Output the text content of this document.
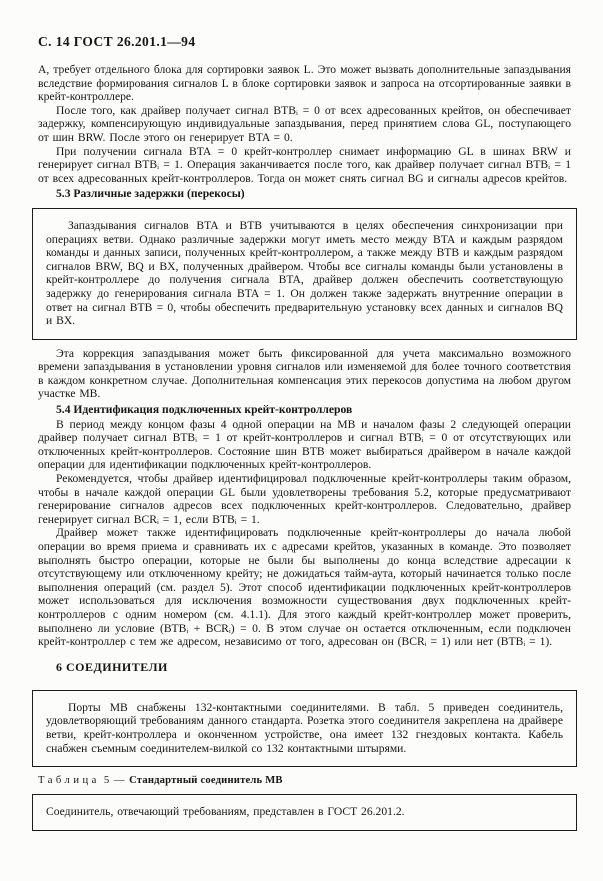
С. 14 ГОСТ 26.201.1—94

А, требует отдельного блока для сортировки заявок L. Это может вызвать дополнительные запаздывания вследствие формирования сигналов L в блоке сортировки заявок и запроса на отсортированные заявки в крейт-контроллере.

После того, как драйвер получает сигнал BTBᵢ = 0 от всех адресованных крейтов, он обеспечивает задержку, компенсирующую индивидуальные запаздывания, перед принятием слова GL, поступающего от шин BRW. После этого он генерирует BTA = 0.

При получении сигнала BTA = 0 крейт-контроллер снимает информацию GL в шинах BRW и генерирует сигнал BTBᵢ = 1. Операция заканчивается после того, как драйвер получает сигнал BTBᵢ = 1 от всех адресованных крейт-контроллеров. Тогда он может снять сигнал BG и сигналы адресов крейтов.

5.3 Различные задержки (перекосы)

Запаздывания сигналов BTA и BTB учитываются в целях обеспечения синхронизации при операциях ветви. Однако различные задержки могут иметь место между BTA и каждым разрядом команды и данных записи, полученных крейт-контроллером, а также между BTB и каждым разрядом сигналов BRW, BQ и BX, полученных драйвером. Чтобы все сигналы команды были установлены в крейт-контроллере до получения сигнала BTA, драйвер должен обеспечить соответствующую задержку до генерирования сигнала BTA = 1. Он должен также задержать внутренние операции в ответ на сигнал BTB = 0, чтобы обеспечить предварительную установку всех данных и сигналов BQ и BX.

Эта коррекция запаздывания может быть фиксированной для учета максимально возможного времени запаздывания в установлении уровня сигналов или изменяемой для более точного соответствия в каждом конкретном случае. Дополнительная компенсация этих перекосов допустима на любом другом участке МВ.

5.4 Идентификация подключенных крейт-контроллеров

В период между концом фазы 4 одной операции на МВ и началом фазы 2 следующей операции драйвер получает сигнал BTBᵢ = 1 от крейт-контроллеров и сигнал BTBᵢ = 0 от отсутствующих или отключенных крейт-контроллеров. Состояние шин BTB может выбираться драйвером в начале каждой операции для идентификации подключенных крейт-контроллеров.

Рекомендуется, чтобы драйвер идентифицировал подключенные крейт-контроллеры таким образом, чтобы в начале каждой операции GL были удовлетворены требования 5.2, которые предусматривают генерирование сигналов адресов всех подключенных крейт-контроллеров. Следовательно, драйвер генерирует сигнал BCRᵢ = 1, если BTBᵢ = 1.

Драйвер может также идентифицировать подключенные крейт-контроллеры до начала любой операции во время приема и сравнивать их с адресами крейтов, указанных в команде. Это позволяет выполнять быстро операции, которые не были бы выполнены до конца вследствие адресации к отсутствующему или отключенному крейту; не дожидаться тайм-аута, который начинается только после выполнения операций (см. раздел 5). Этот способ идентификации подключенных крейт-контроллеров может использоваться для исключения возможности существования двух подключенных крейт-контроллеров с одним номером (см. 4.1.1). Для этого каждый крейт-контроллер может проверить, выполнено ли условие (BTBᵢ + BCRᵢ) = 0. В этом случае он остается отключенным, если подключен крейт-контроллер с тем же адресом, независимо от того, адресован он (BCRᵢ = 1) или нет (BTBᵢ = 1).

6 СОЕДИНИТЕЛИ

Порты МВ снабжены 132-контактными соединителями. В табл. 5 приведен соединитель, удовлетворяющий требованиям данного стандарта. Розетка этого соединителя закреплена на драйвере ветви, крейт-контроллера и оконченном устройстве, она имеет 132 гнездовых контакта. Кабель снабжен съемным соединителем-вилкой со 132 контактными штырями.

Таблица 5 — Стандартный соединитель МВ

Соединитель, отвечающий требованиям, представлен в ГОСТ 26.201.2.
